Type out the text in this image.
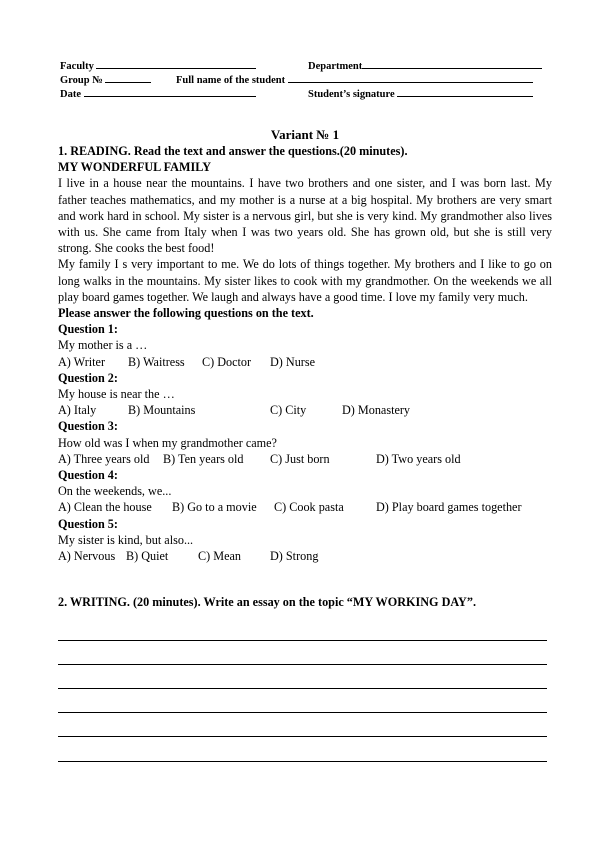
Faculty	Department
Group №	Full name of the student
Date	Student’s signature
Variant № 1
1. READING. Read the text and answer the questions.(20 minutes).
MY WONDERFUL FAMILY
I live in a house near the mountains. I have two brothers and one sister, and I was born last. My father teaches mathematics, and my mother is a nurse at a big hospital. My brothers are very smart and work hard in school. My sister is a nervous girl, but she is very kind. My grandmother also lives with us. She came from Italy when I was two years old. She has grown old, but she is still very strong. She cooks the best food!
My family I s very important to me. We do lots of things together. My brothers and I like to go on long walks in the mountains. My sister likes to cook with my grandmother. On the weekends we all play board games together. We laugh and always have a good time. I love my family very much.
Please answer the following questions on the text.
Question 1:
My mother is a …
A) Writer B) Waitress C) Doctor D) Nurse
Question 2:
My house is near the …
A) Italy	B) Mountains	C) City	D) Monastery
Question 3:
How old was I when my grandmother came?
A) Three years old B) Ten years old C) Just born	D) Two years old
Question 4:
On the weekends, we...
A) Clean the house B) Go to a movie C) Cook pasta	D) Play board games together
Question 5:
My sister is kind, but also...
A) Nervous B) Quiet C) Mean D) Strong
2. WRITING. (20 minutes). Write an essay on the topic “MY WORKING DAY”.
